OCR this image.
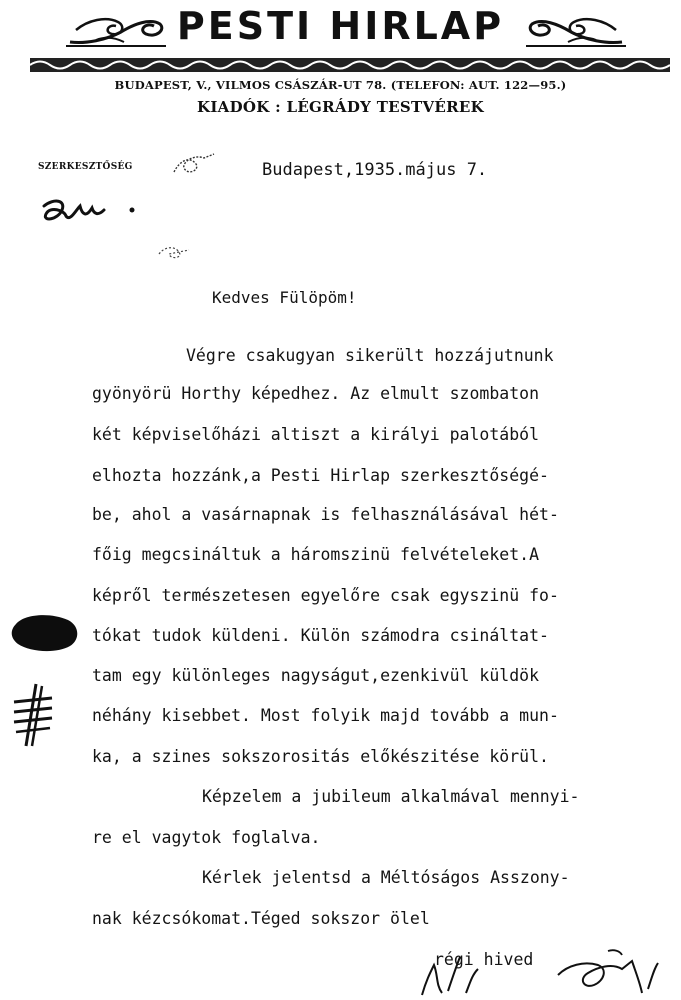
PESTI HIRLAP
BUDAPEST, V., VILMOS CSÁSZÁR-UT 78. (TELEFON: AUT. 122—95.)
KIADÓK : LÉGRÁDY TESTVÉREK
SZERKESZTŐSÉG	Budapest,1935.május 7.
Kedves Fülöpöm!
Végre csakugyan sikerült hozzájutnunk
gyönyörü Horthy képedhez. Az elmult szombaton
két képviselőházi altiszt a királyi palotából
elhozta hozzánk,a Pesti Hirlap szerkesztőségé-
be, ahol a vasárnapnak is felhasználásával hét-
főig megcsináltuk a háromszinü felvételeket.A
képről természetesen egyelőre csak egyszinü fo-
tókat tudok küldeni. Külön számodra csináltat-
tam egy különleges nagyságut,ezenkivül küldök
néhány kisebbet. Most folyik majd tovább a mun-
ka, a szines sokszorositás előkészitése körül.
Képzelem a jubileum alkalmával mennyi-
re el vagytok foglalva.
Kérlek jelentsd a Méltóságos Asszony-
nak kézcsókomat.Téged sokszor ölel
régi hived
